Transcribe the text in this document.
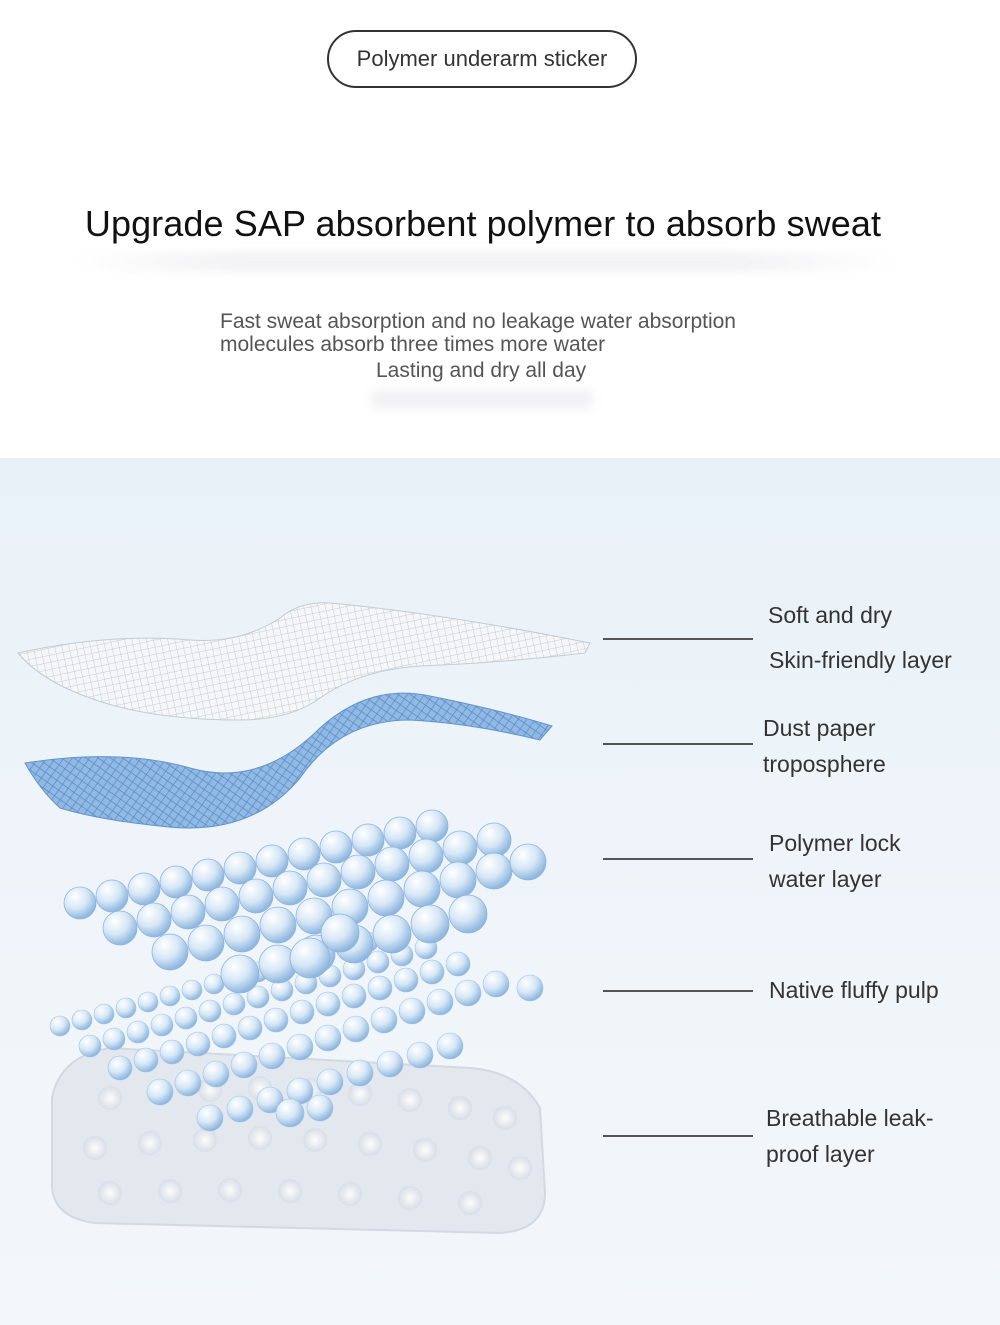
Polymer underarm sticker
Upgrade SAP absorbent polymer to absorb sweat
Fast sweat absorption and no leakage water absorption
molecules absorb three times more water
Lasting and dry all day
Soft and dry
Skin-friendly layer
Dust paper
troposphere
Polymer lock
water layer
Native fluffy pulp
Breathable leak-
proof layer
